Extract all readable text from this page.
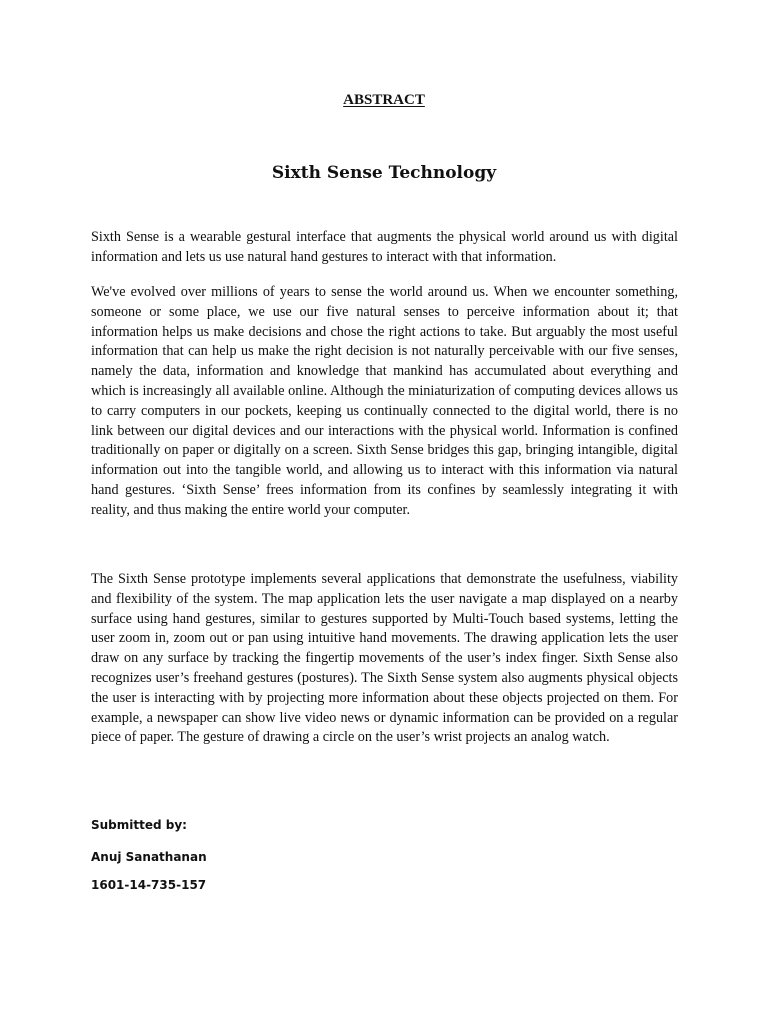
ABSTRACT
Sixth Sense Technology

Sixth Sense is a wearable gestural interface that augments the physical world around us with digital information and lets us use natural hand gestures to interact with that information.

We've evolved over millions of years to sense the world around us. When we encounter something, someone or some place, we use our five natural senses to perceive information about it; that information helps us make decisions and chose the right actions to take. But arguably the most useful information that can help us make the right decision is not naturally perceivable with our five senses, namely the data, information and knowledge that mankind has accumulated about everything and which is increasingly all available online. Although the miniaturization of computing devices allows us to carry computers in our pockets, keeping us continually connected to the digital world, there is no link between our digital devices and our interactions with the physical world. Information is confined traditionally on paper or digitally on a screen. Sixth Sense bridges this gap, bringing intangible, digital information out into the tangible world, and allowing us to interact with this information via natural hand gestures. ‘Sixth Sense’ frees information from its confines by seamlessly integrating it with reality, and thus making the entire world your computer.

The Sixth Sense prototype implements several applications that demonstrate the usefulness, viability and flexibility of the system. The map application lets the user navigate a map displayed on a nearby surface using hand gestures, similar to gestures supported by Multi-Touch based systems, letting the user zoom in, zoom out or pan using intuitive hand movements. The drawing application lets the user draw on any surface by tracking the fingertip movements of the user’s index finger. Sixth Sense also recognizes user’s freehand gestures (postures). The Sixth Sense system also augments physical objects the user is interacting with by projecting more information about these objects projected on them. For example, a newspaper can show live video news or dynamic information can be provided on a regular piece of paper. The gesture of drawing a circle on the user’s wrist projects an analog watch.

Submitted by:

Anuj Sanathanan

1601-14-735-157
